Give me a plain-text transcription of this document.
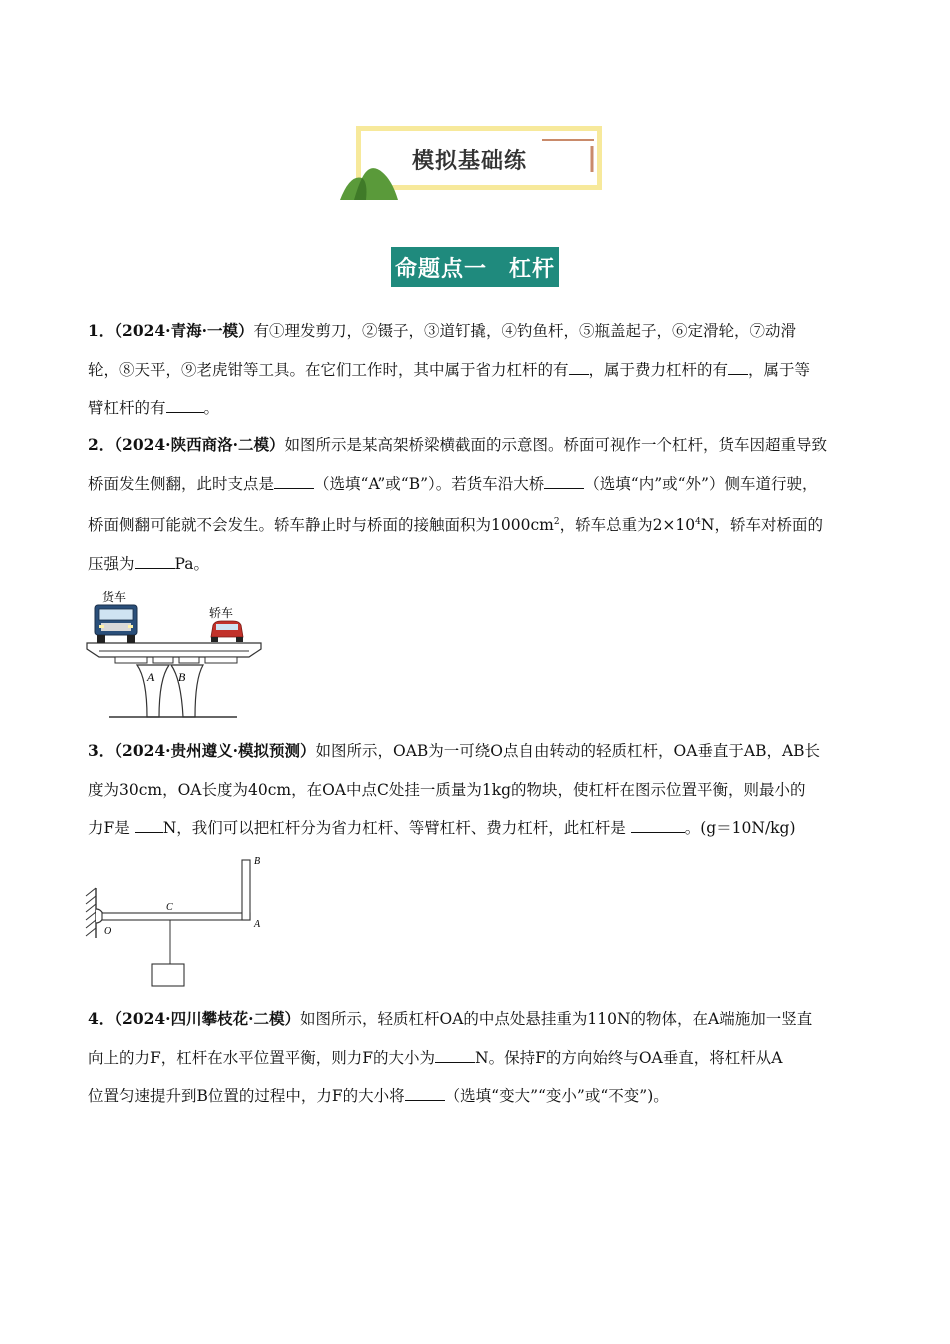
模拟基础练
命题点一 杠杆
1．（2024·青海·一模）有①理发剪刀，②镊子，③道钉撬，④钓鱼杆，⑤瓶盖起子，⑥定滑轮，⑦动滑
轮，⑧天平，⑨老虎钳等工具。在它们工作时，其中属于省力杠杆的有 ，属于费力杠杆的有 ，属于等
臂杠杆的有 。
2．（2024·陕西商洛·二模）如图所示是某高架桥梁横截面的示意图。桥面可视作一个杠杆，货车因超重导致
桥面发生侧翻，此时支点是	（选填“A”或“B”）。若货车沿大桥	（选填“内”或“外”）侧车道行驶，
桥面侧翻可能就不会发生。轿车静止时与桥面的接触面积为$1000cm^2$，轿车总重为$2\times 10^4N$，轿车对桥面的
压强为	Pa。
A B
货车
轿车
3．（2024·贵州遵义·模拟预测）如图所示，OAB为一可绕O点自由转动的轻质杠杆，OA垂直于AB，AB长
度为30cm，OA长度为40cm，在OA中点C处挂一质量为1kg的物块，使杠杆在图示位置平衡，则最小的
力F是 N，我们可以把杠杆分为省力杠杆、等臂杠杆、费力杠杆，此杠杆是	。(g＝10N/kg)
O
C
A
B
4．（2024·四川攀枝花·二模）如图所示，轻质杠杆OA的中点处悬挂重为110N的物体，在A端施加一竖直
向上的力F，杠杆在水平位置平衡，则力F的大小为	N。保持F的方向始终与OA垂直，将杠杆从A
位置匀速提升到B位置的过程中，力F的大小将	（选填“变大”“变小”或“不变”)。
